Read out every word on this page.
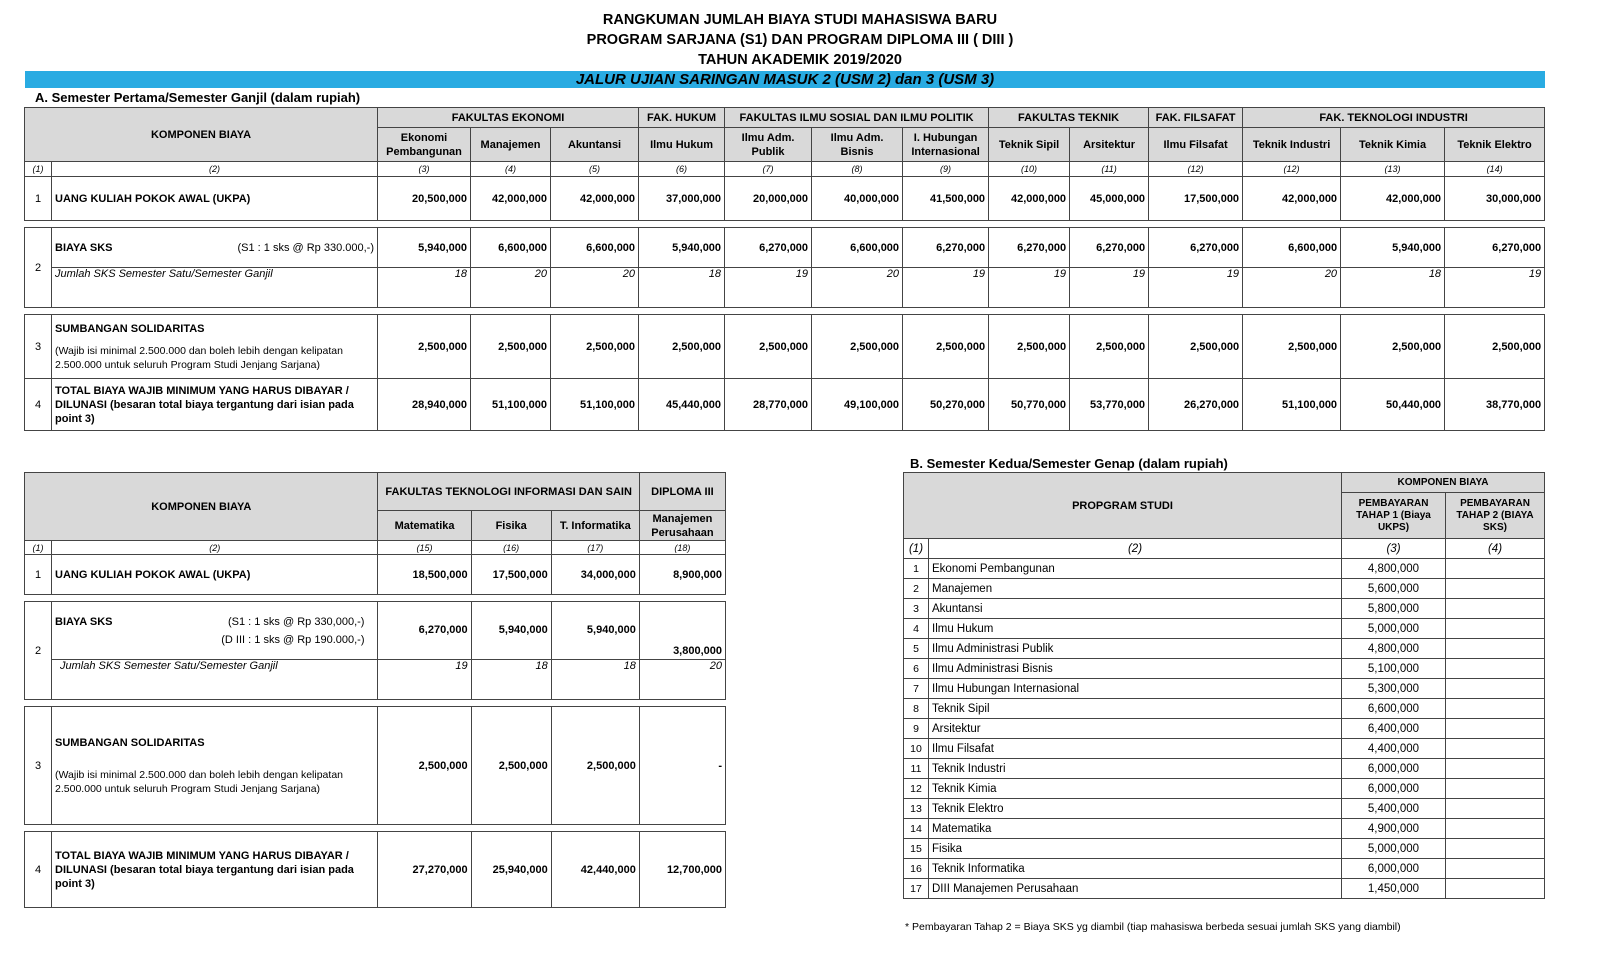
RANGKUMAN JUMLAH BIAYA STUDI MAHASISWA BARU
PROGRAM SARJANA (S1) DAN PROGRAM DIPLOMA III ( DIII )
TAHUN AKADEMIK 2019/2020
JALUR UJIAN SARINGAN MASUK 2 (USM 2) dan 3 (USM 3)
A. Semester Pertama/Semester Ganjil (dalam rupiah)
KOMPONEN BIAYA		FAKULTAS EKONOMI			FAK. HUKUM	FAKULTAS ILMU SOSIAL DAN ILMU POLITIK			FAKULTAS TEKNIK		FAK. FILSAFAT	FAK. TEKNOLOGI INDUSTRI		
		Ekonomi Pembangunan	Manajemen	Akuntansi	Ilmu Hukum	Ilmu Adm. Publik	Ilmu Adm. Bisnis	I. Hubungan Internasional	Teknik Sipil	Arsitektur	Ilmu Filsafat	Teknik Industri	Teknik Kimia	Teknik Elektro
(1)	(2)	(3)	(4)	(5)	(6)	(7)	(8)	(9)	(10)	(11)	(12)	(12)	(13)	(14)
1	UANG KULIAH POKOK AWAL (UKPA)	20,500,000	42,000,000	42,000,000	37,000,000	20,000,000	40,000,000	41,500,000	42,000,000	45,000,000	17,500,000	42,000,000	42,000,000	30,000,000

2	BIAYA SKS (S1 : 1 sks @ Rp 330.000,-)	5,940,000	6,600,000	6,600,000	5,940,000	6,270,000	6,600,000	6,270,000	6,270,000	6,270,000	6,270,000	6,600,000	5,940,000	6,270,000
	Jumlah SKS Semester Satu/Semester Ganjil	18	20	20	18	19	20	19	19	19	19	20	18	19

3	SUMBANGAN SOLIDARITAS
(Wajib isi minimal 2.500.000 dan boleh lebih dengan kelipatan 2.500.000 untuk seluruh Program Studi Jenjang Sarjana)	2,500,000	2,500,000	2,500,000	2,500,000	2,500,000	2,500,000	2,500,000	2,500,000	2,500,000	2,500,000	2,500,000	2,500,000	2,500,000
4	TOTAL BIAYA WAJIB MINIMUM YANG HARUS DIBAYAR / DILUNASI (besaran total biaya tergantung dari isian pada point 3)	28,940,000	51,100,000	51,100,000	45,440,000	28,770,000	49,100,000	50,270,000	50,770,000	53,770,000	26,270,000	51,100,000	50,440,000	38,770,000
KOMPONEN BIAYA		FAKULTAS TEKNOLOGI INFORMASI DAN SAIN			DIPLOMA III
		Matematika	Fisika	T. Informatika	Manajemen Perusahaan
(1)	(2)	(15)	(16)	(17)	(18)
1	UANG KULIAH POKOK AWAL (UKPA)	18,500,000	17,500,000	34,000,000	8,900,000

2	BIAYA SKS (S1 : 1 sks @ Rp 330,000,-)
(D III : 1 sks @ Rp 190.000,-)	6,270,000	5,940,000	5,940,000	3,800,000
	Jumlah SKS Semester Satu/Semester Ganjil	19	18	18	20

3	SUMBANGAN SOLIDARITAS
(Wajib isi minimal 2.500.000 dan boleh lebih dengan kelipatan 2.500.000 untuk seluruh Program Studi Jenjang Sarjana)	2,500,000	2,500,000	2,500,000	-

4	TOTAL BIAYA WAJIB MINIMUM YANG HARUS DIBAYAR / DILUNASI (besaran total biaya tergantung dari isian pada point 3)	27,270,000	25,940,000	42,440,000	12,700,000
B. Semester Kedua/Semester Genap (dalam rupiah)
PROPGRAM STUDI		KOMPONEN BIAYA	
		PEMBAYARAN TAHAP 1 (Biaya UKPS)	PEMBAYARAN TAHAP 2 (BIAYA SKS)
(1)	(2)	(3)	(4)
1	Ekonomi Pembangunan	4,800,000	
2	Manajemen	5,600,000	
3	Akuntansi	5,800,000	
4	Ilmu Hukum	5,000,000	
5	Ilmu Administrasi Publik	4,800,000	
6	Ilmu Administrasi Bisnis	5,100,000	
7	Ilmu Hubungan Internasional	5,300,000	
8	Teknik Sipil	6,600,000	
9	Arsitektur	6,400,000	
10	Ilmu Filsafat	4,400,000	
11	Teknik Industri	6,000,000	
12	Teknik Kimia	6,000,000	
13	Teknik Elektro	5,400,000	
14	Matematika	4,900,000	
15	Fisika	5,000,000	
16	Teknik Informatika	6,000,000	
17	DIII Manajemen Perusahaan	1,450,000	
* Pembayaran Tahap 2 = Biaya SKS yg diambil (tiap mahasiswa berbeda sesuai jumlah SKS yang diambil)
